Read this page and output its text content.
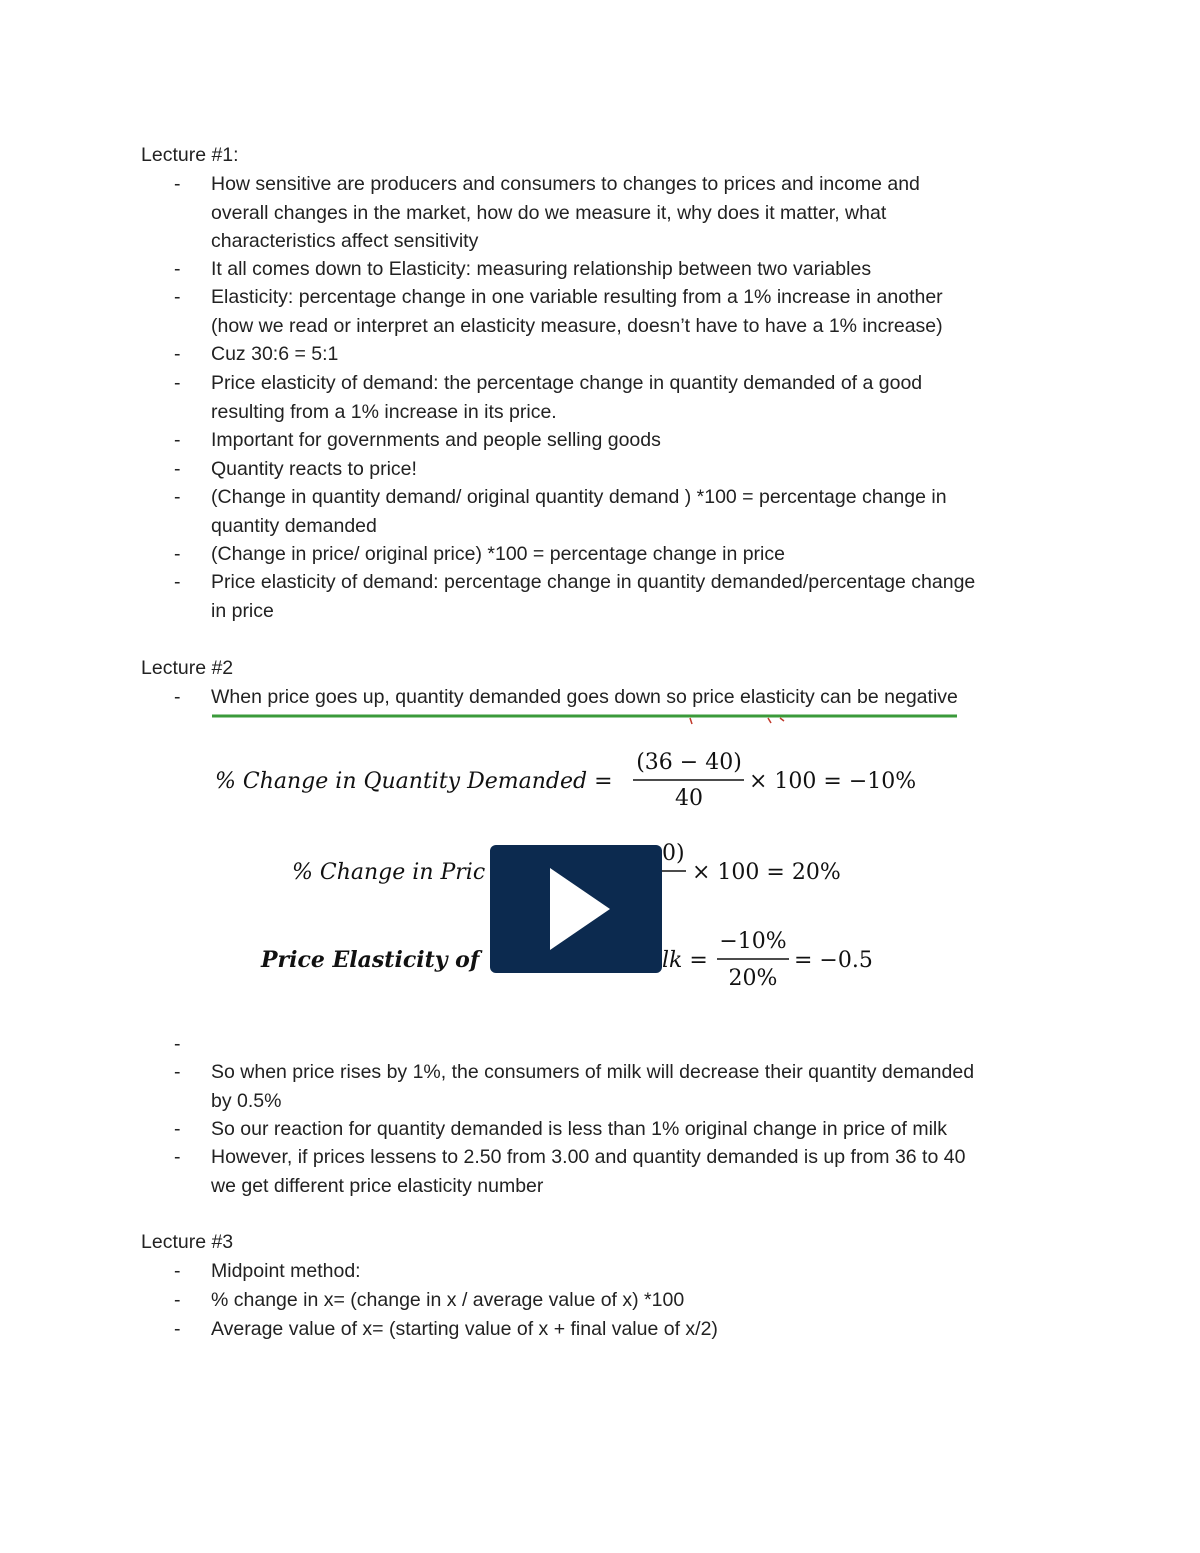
Lecture #1:
-	How sensitive are producers and consumers to changes to prices and income and
overall changes in the market, how do we measure it, why does it matter, what
characteristics affect sensitivity
-	It all comes down to Elasticity: measuring relationship between two variables
-	Elasticity: percentage change in one variable resulting from a 1% increase in another
(how we read or interpret an elasticity measure, doesn’t have to have a 1% increase)
-	Cuz 30:6 = 5:1
-	Price elasticity of demand: the percentage change in quantity demanded of a good
resulting from a 1% increase in its price.
-	Important for governments and people selling goods
-	Quantity reacts to price!
-	(Change in quantity demand/ original quantity demand ) *100 = percentage change in
quantity demanded
-	(Change in price/ original price) *100 = percentage change in price
-	Price elasticity of demand: percentage change in quantity demanded/percentage change
in price
Lecture #2
-	When price goes up, quantity demanded goes down so price elasticity can be negative
% Change in Quantity Demanded =
(36 − 40)
40
× 100 = −10%
% Change in Pric
0)
× 100 = 20%
Price Elasticity of	lk =
−10%
20%
= −0.5
-
-	So when price rises by 1%, the consumers of milk will decrease their quantity demanded
by 0.5%
-	So our reaction for quantity demanded is less than 1% original change in price of milk
-	However, if prices lessens to 2.50 from 3.00 and quantity demanded is up from 36 to 40
we get different price elasticity number
Lecture #3
-	Midpoint method:
-	% change in x= (change in x / average value of x) *100
-	Average value of x= (starting value of x + final value of x/2)
